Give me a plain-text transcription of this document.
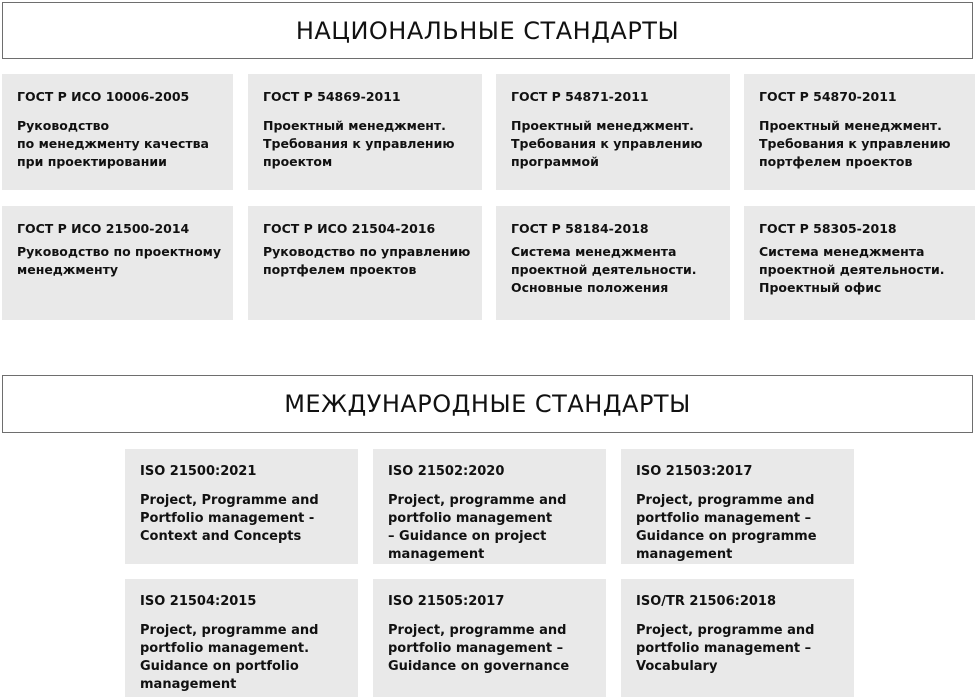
НАЦИОНАЛЬНЫЕ СТАНДАРТЫ
ГОСТ Р ИСО 10006-2005
Руководство
по менеджменту качества
при проектировании
ГОСТ Р 54869-2011
Проектный менеджмент.
Требования к управлению
проектом
ГОСТ Р 54871-2011
Проектный менеджмент.
Требования к управлению
программой
ГОСТ Р 54870-2011
Проектный менеджмент.
Требования к управлению
портфелем проектов
ГОСТ Р ИСО 21500-2014
Руководство по проектному
менеджменту
ГОСТ Р ИСО 21504-2016
Руководство по управлению
портфелем проектов
ГОСТ Р 58184-2018
Система менеджмента
проектной деятельности.
Основные положения
ГОСТ Р 58305-2018
Система менеджмента
проектной деятельности.
Проектный офис
МЕЖДУНАРОДНЫЕ СТАНДАРТЫ
ISO 21500:2021
Project, Programme and
Portfolio management -
Context and Concepts
ISO 21502:2020
Project, programme and
portfolio management
– Guidance on project
management
ISO 21503:2017
Project, programme and
portfolio management –
Guidance on programme
management
ISO 21504:2015
Project, programme and
portfolio management.
Guidance on portfolio
management
ISO 21505:2017
Project, programme and
portfolio management –
Guidance on governance
ISO/TR 21506:2018
Project, programme and
portfolio management –
Vocabulary
